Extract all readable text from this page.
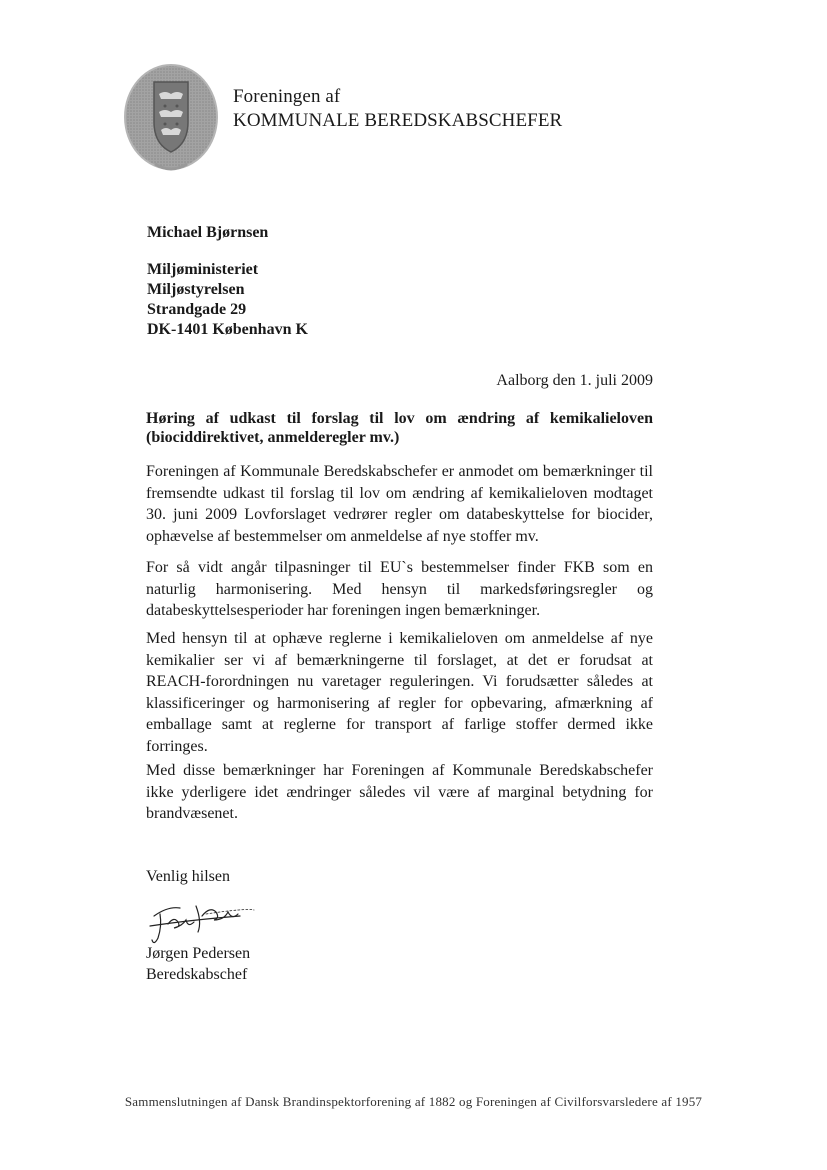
Foreningen af
KOMMUNALE BEREDSKABSCHEFER
Michael Bjørnsen
Miljøministeriet
Miljøstyrelsen
Strandgade 29
DK-1401 København K
Aalborg den 1. juli 2009
Høring af udkast til forslag til lov om ændring af kemikalieloven
(biociddirektivet, anmelderegler mv.)
Foreningen af Kommunale Beredskabschefer er anmodet om bemærkninger til fremsendte udkast til forslag til lov om ændring af kemikalieloven modtaget 30. juni 2009 Lovforslaget vedrører regler om databeskyttelse for biocider, ophævelse af bestemmelser om anmeldelse af nye stoffer mv.
For så vidt angår tilpasninger til EU`s bestemmelser finder FKB som en naturlig harmonisering. Med hensyn til markedsføringsregler og databeskyttelsesperioder har foreningen ingen bemærkninger.
Med hensyn til at ophæve reglerne i kemikalieloven om anmeldelse af nye kemikalier ser vi af bemærkningerne til forslaget, at det er forudsat at REACH-forordningen nu varetager reguleringen. Vi forudsætter således at klassificeringer og harmonisering af regler for opbevaring, afmærkning af emballage samt at reglerne for transport af farlige stoffer dermed ikke forringes.
Med disse bemærkninger har Foreningen af Kommunale Beredskabschefer ikke yderligere idet ændringer således vil være af marginal betydning for brandvæsenet.
Venlig hilsen
Jørgen Pedersen
Beredskabschef
Sammenslutningen af Dansk Brandinspektorforening af 1882 og Foreningen af Civilforsvarsledere af 1957
